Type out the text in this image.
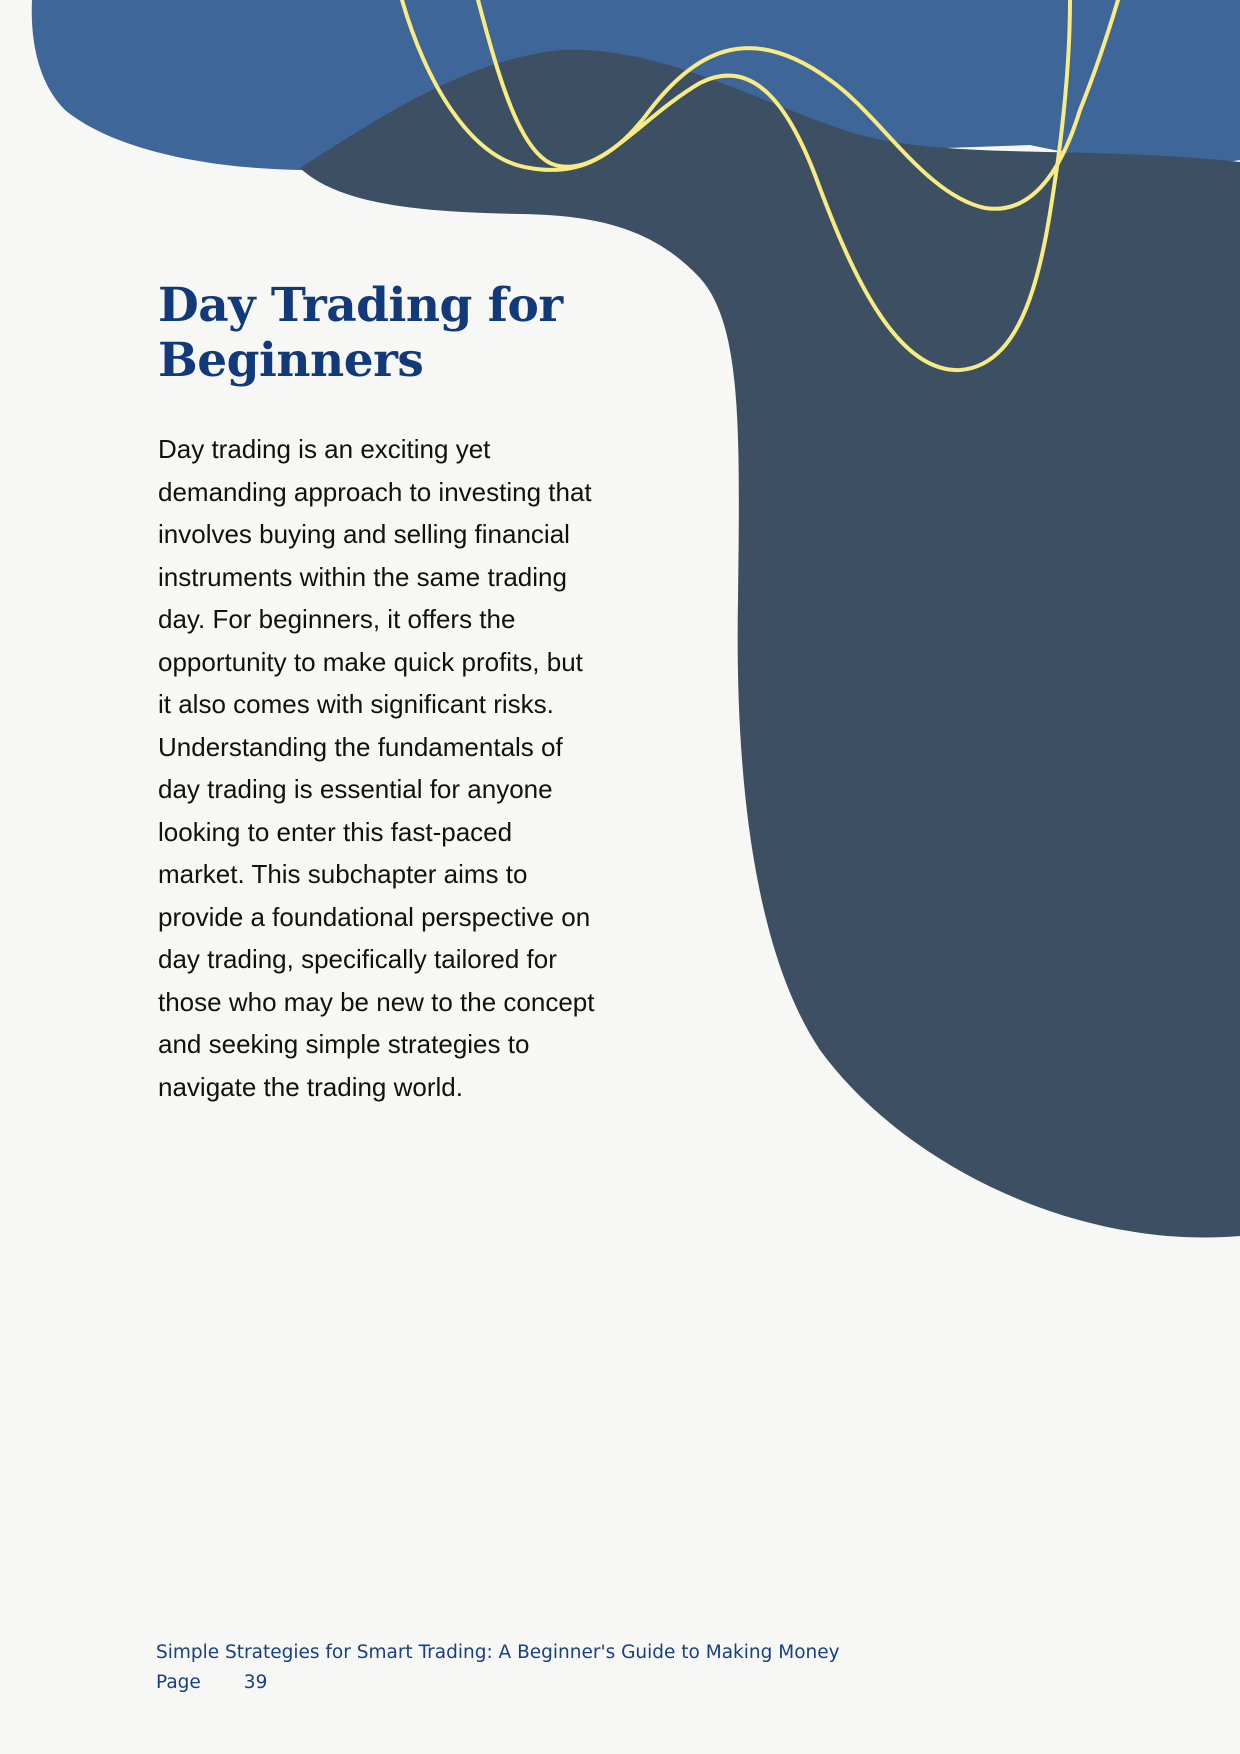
Day Trading for Beginners

Day trading is an exciting yet demanding approach to investing that involves buying and selling financial instruments within the same trading day. For beginners, it offers the opportunity to make quick profits, but it also comes with significant risks. Understanding the fundamentals of day trading is essential for anyone looking to enter this fast-paced market. This subchapter aims to provide a foundational perspective on day trading, specifically tailored for those who may be new to the concept and seeking simple strategies to navigate the trading world.

Simple Strategies for Smart Trading: A Beginner's Guide to Making Money
Page 39
